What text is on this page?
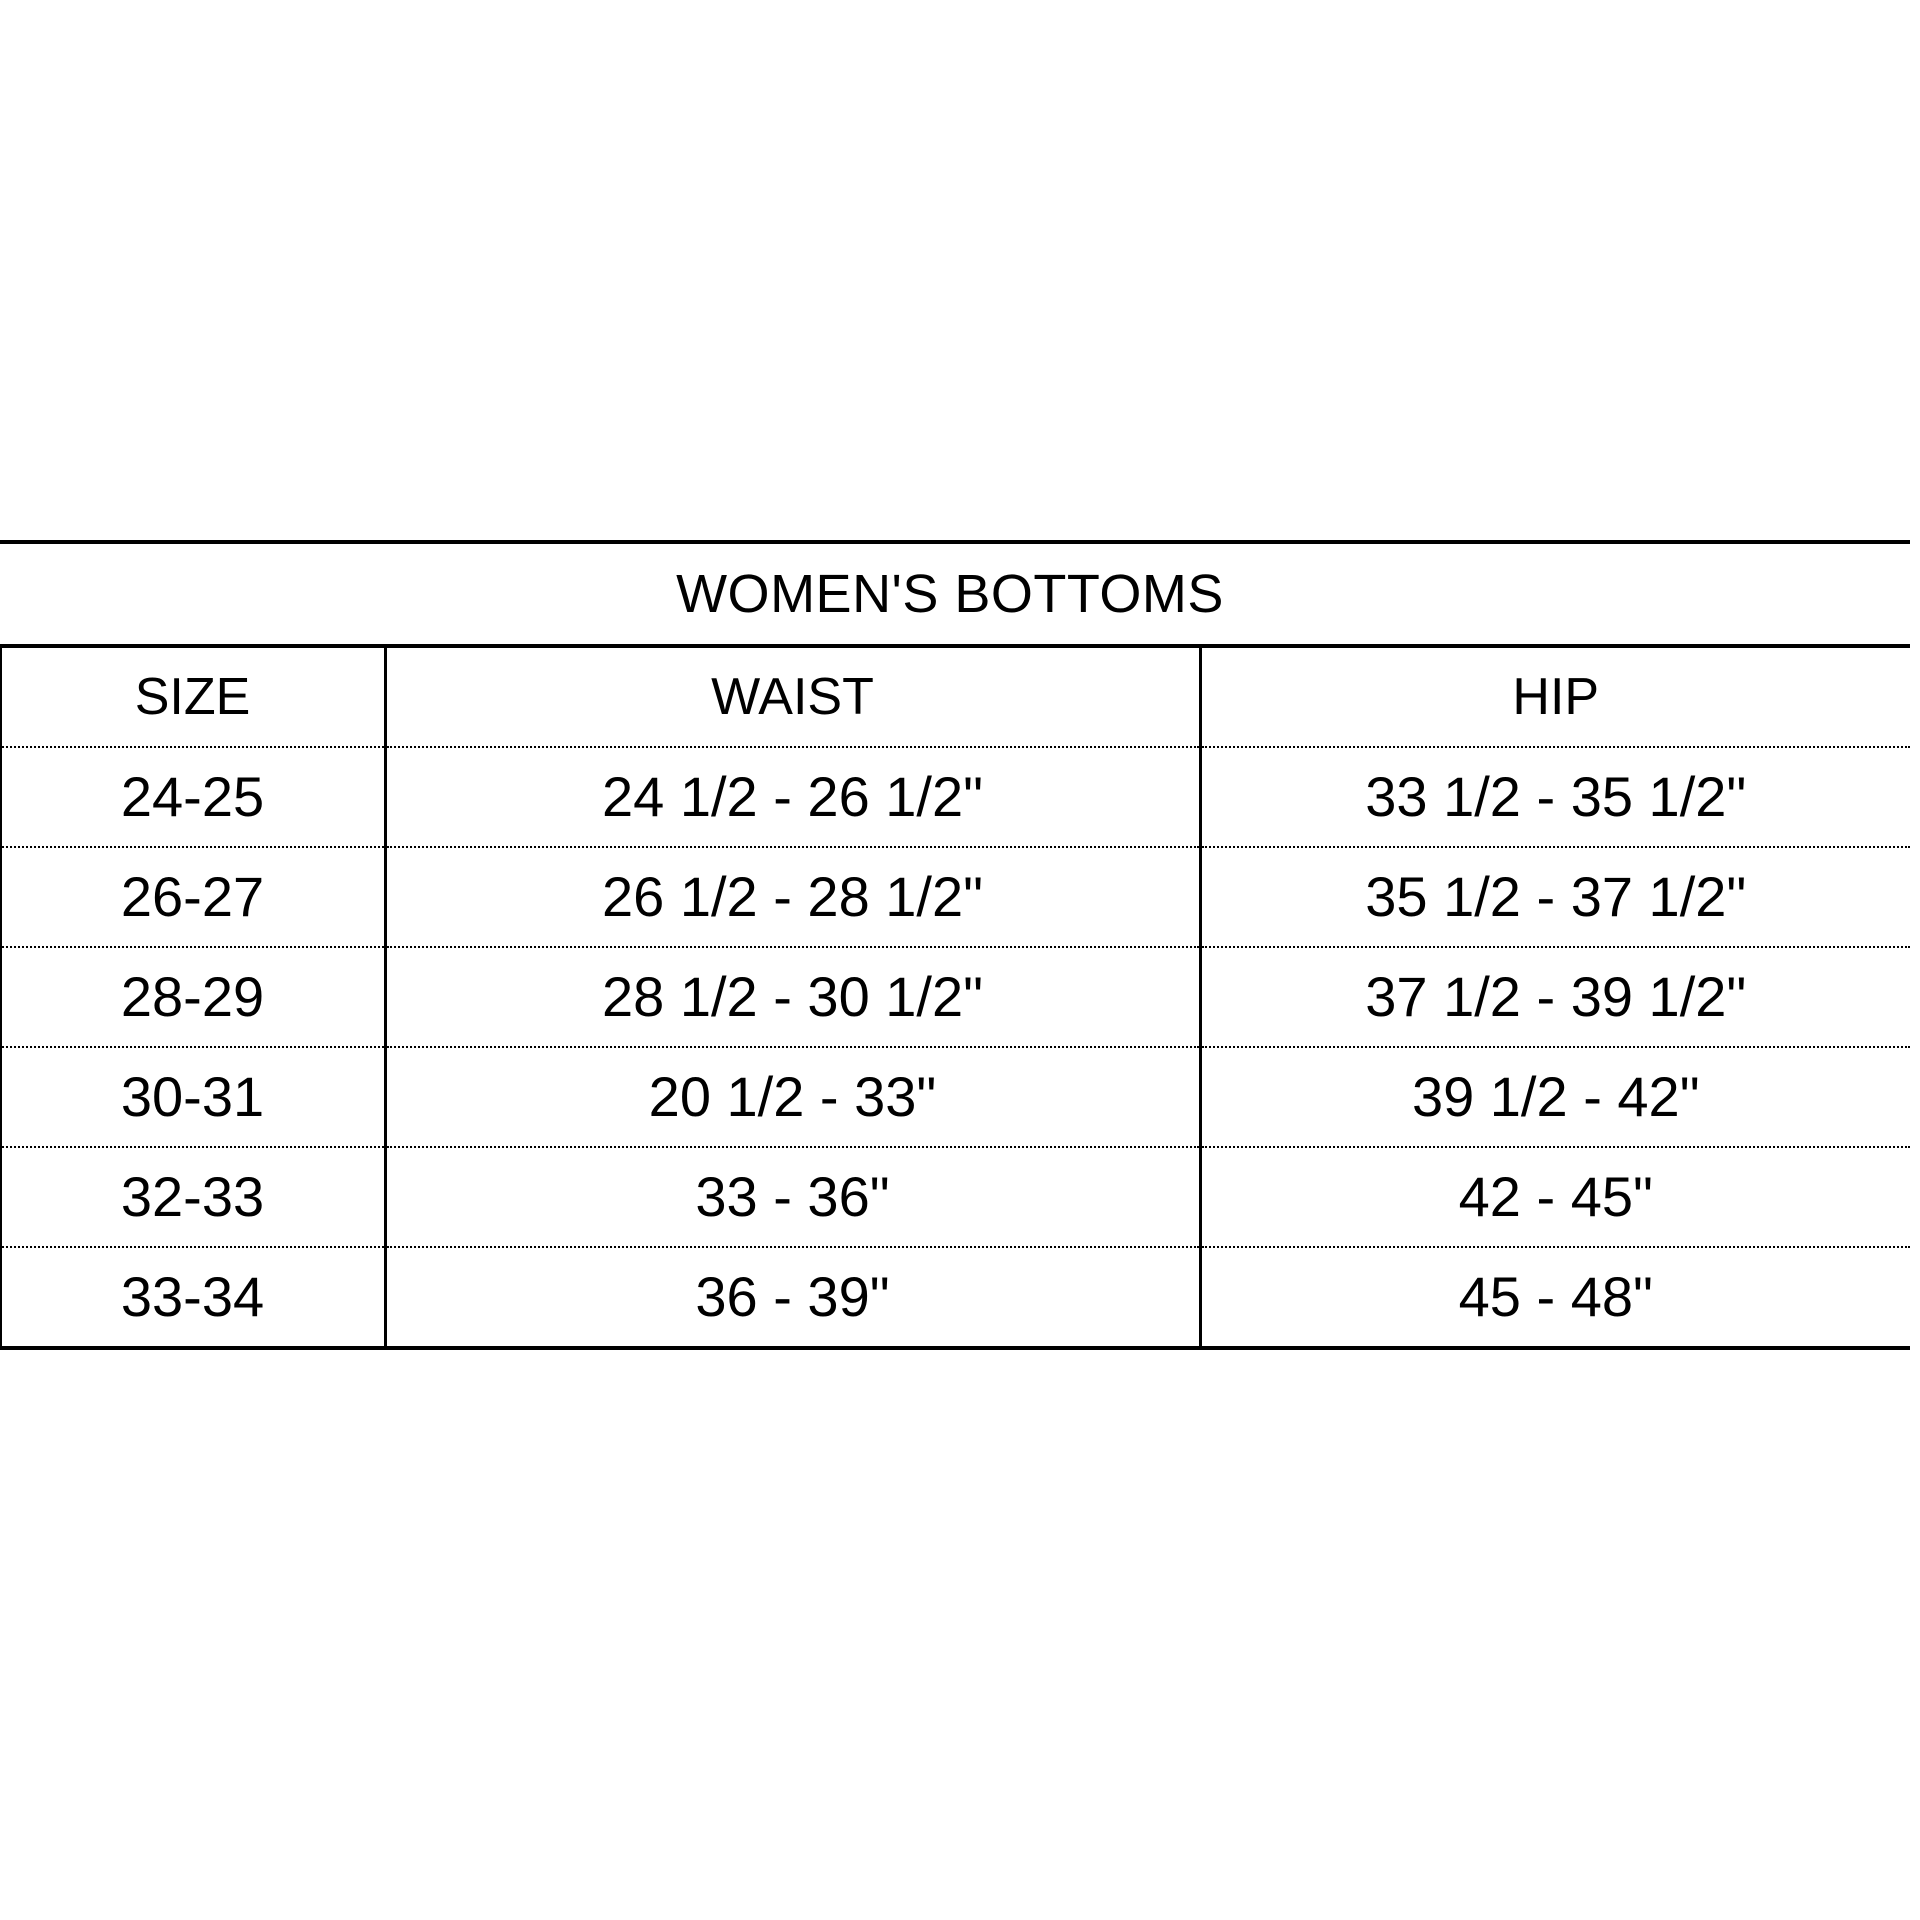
WOMEN'S BOTTOMS			

	SIZE	WAIST	HIP

	24-25	24 1/2 - 26 1/2"	33 1/2 - 35 1/2"

	26-27	26 1/2 - 28 1/2"	35 1/2 - 37 1/2"

	28-29	28 1/2 - 30 1/2"	37 1/2 - 39 1/2"

	30-31	20 1/2 - 33"	39 1/2 - 42"

	32-33	33 - 36"	42 - 45"

	33-34	36 - 39"	45 - 48"
